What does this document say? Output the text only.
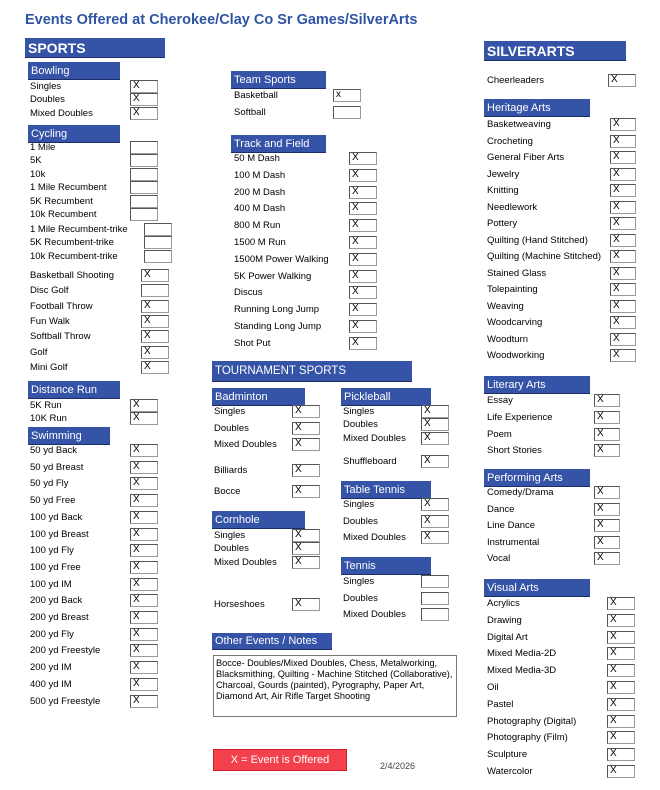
Events Offered at Cherokee/Clay Co Sr Games/SilverArts
SPORTS	SILVERARTS
TOURNAMENT SPORTS
Bowling
Singles	X
Doubles	X
Mixed Doubles	X
Cycling
1 Mile
5K
10k
1 Mile Recumbent
5K Recumbent
10k Recumbent
1 Mile Recumbent-trike
5K Recumbent-trike
10k Recumbent-trike
Basketball Shooting	X
Disc Golf
Football Throw	X
Fun Walk	X
Softball Throw	X
Golf	X
Mini Golf	X
Distance Run
5K Run	X
10K Run	X
Swimming
50 yd Back	X
50 yd Breast	X
50 yd Fly	X
50 yd Free	X
100 yd Back	X
100 yd Breast	X
100 yd Fly	X
100 yd Free	X
100 yd IM	X
200 yd Back	X
200 yd Breast	X
200 yd Fly	X
200 yd Freestyle	X
200 yd IM	X
400 yd IM	X
500 yd Freestyle	X
Team Sports
Basketball	x
Softball
Track and Field
50 M Dash	X
100 M Dash	X
200 M Dash	X
400 M Dash	X
800 M Run	X
1500 M Run	X
1500M Power Walking	X
5K Power Walking	X
Discus	X
Running Long Jump	X
Standing Long Jump	X
Shot Put	X
Badminton
Singles	X
Doubles	X
Mixed Doubles	X
Billiards	X
Bocce	X
Cornhole
Singles	X
Doubles	X
Mixed Doubles	X
Horseshoes	X
Pickleball
Singles	X
Doubles	X
Mixed Doubles	X
Shuffleboard	X
Table Tennis
Singles	X
Doubles	X
Mixed Doubles	X
Tennis
Singles
Doubles
Mixed Doubles
Cheerleaders	X
Heritage Arts
Basketweaving	X
Crocheting	X
General Fiber Arts	X
Jewelry	X
Knitting	X
Needlework	X
Pottery	X
Quilting (Hand Stitched)	X
Quilting (Machine Stitched)	X
Stained Glass	X
Tolepainting	X
Weaving	X
Woodcarving	X
Woodturn	X
Woodworking	X
Literary Arts
Essay	X
Life Experience	X
Poem	X
Short Stories	X
Performing Arts
Comedy/Drama	X
Dance	X
Line Dance	X
Instrumental	X
Vocal	X
Visual Arts
Acrylics	X
Drawing	X
Digital Art	X
Mixed Media-2D	X
Mixed Media-3D	X
Oil	X
Pastel	X
Photography (Digital)	X
Photography (Film)	X
Sculpture	X
Watercolor	X
Other Events / Notes
Bocce- Doubles/Mixed Doubles, Chess, Metalworking, Blacksmithing, Quilting - Machine Stitched (Collaborative), Charcoal, Gourds (painted), Pyrography, Paper Art, Diamond Art, Air Rifle Target Shooting
X = Event is Offered	2/4/2026
